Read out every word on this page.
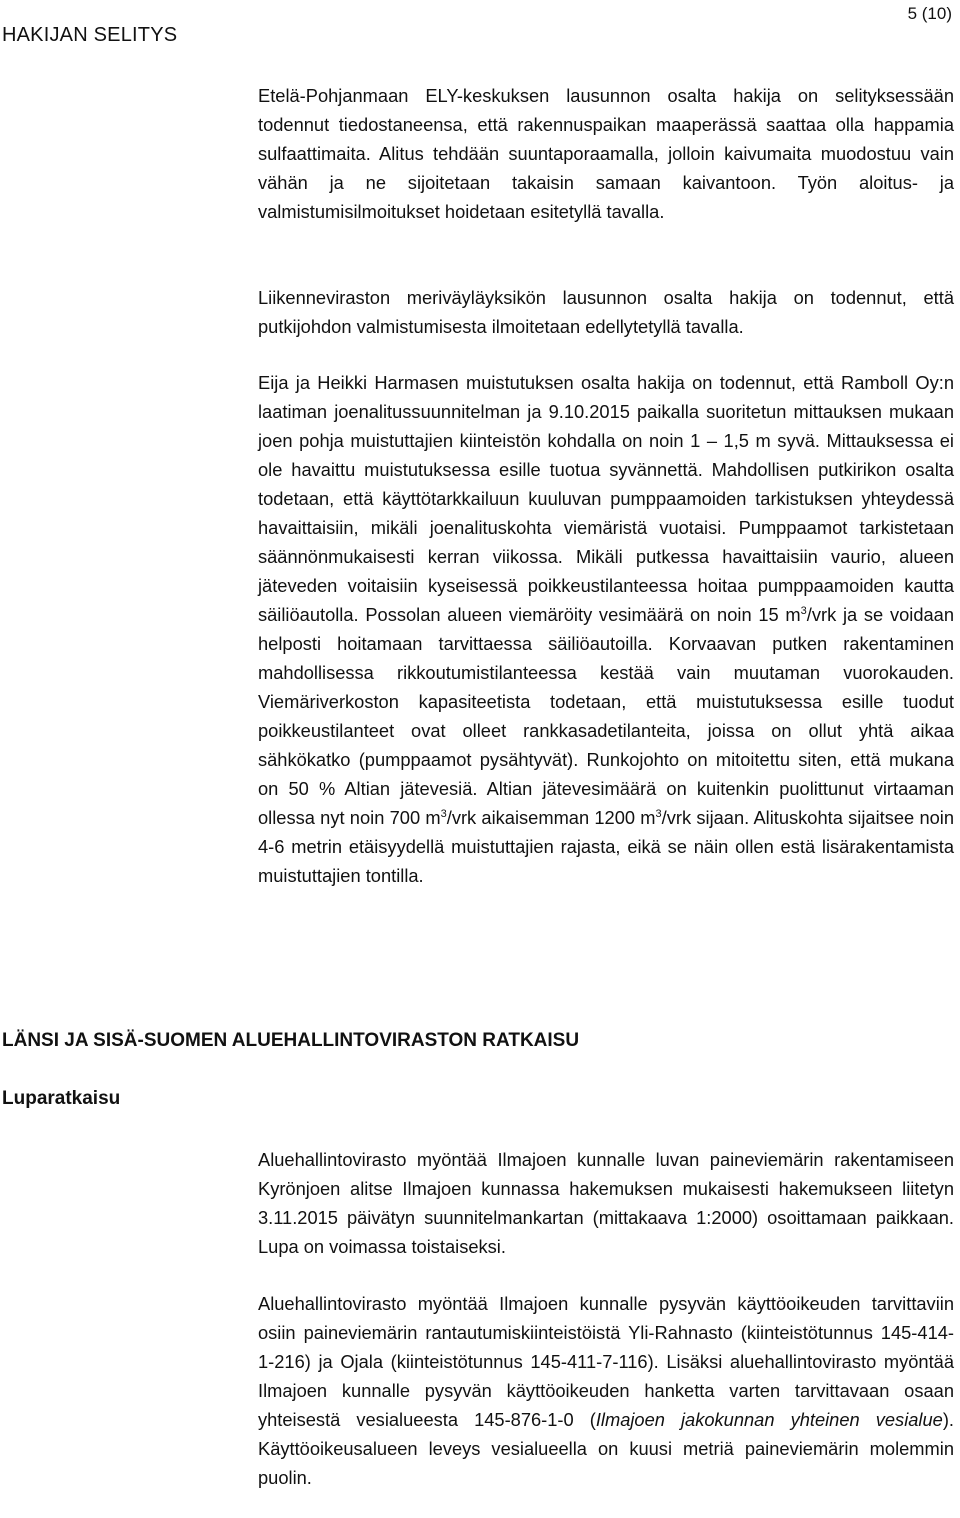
HAKIJAN SELITYS
5 (10)

Etelä-Pohjanmaan ELY-keskuksen lausunnon osalta hakija on selityksessään todennut tiedostaneensa, että rakennuspaikan maaperässä saattaa olla happamia sulfaattimaita. Alitus tehdään suuntaporaamalla, jolloin kaivumaita muodostuu vain vähän ja ne sijoitetaan takaisin samaan kaivantoon. Työn aloitus- ja valmistumisilmoitukset hoidetaan esitetyllä tavalla.

Liikenneviraston meriväyläyksikön lausunnon osalta hakija on todennut, että putkijohdon valmistumisesta ilmoitetaan edellytetyllä tavalla.

Eija ja Heikki Harmasen muistutuksen osalta hakija on todennut, että Ramboll Oy:n laatiman joenalitussuunnitelman ja 9.10.2015 paikalla suoritetun mittauksen mukaan joen pohja muistuttajien kiinteistön kohdalla on noin 1 – 1,5 m syvä. Mittauksessa ei ole havaittu muistutuksessa esille tuotua syvännettä. Mahdollisen putkirikon osalta todetaan, että käyttötarkkailuun kuuluvan pumppaamoiden tarkistuksen yhteydessä havaittaisiin, mikäli joenalituskohta viemäristä vuotaisi. Pumppaamot tarkistetaan säännönmukaisesti kerran viikossa. Mikäli putkessa havaittaisiin vaurio, alueen jäteveden voitaisiin kyseisessä poikkeustilanteessa hoitaa pumppaamoiden kautta säiliöautolla. Possolan alueen viemäröity vesimäärä on noin 15 $m^3$/vrk ja se voidaan helposti hoitamaan tarvittaessa säiliöautoilla. Korvaavan putken rakentaminen mahdollisessa rikkoutumistilanteessa kestää vain muutaman vuorokauden. Viemäriverkoston kapasiteetista todetaan, että muistutuksessa esille tuodut poikkeustilanteet ovat olleet rankkasadetilanteita, joissa on ollut yhtä aikaa sähkökatko (pumppaamot pysähtyvät). Runkojohto on mitoitettu siten, että mukana on 50 % Altian jätevesiä. Altian jätevesimäärä on kuitenkin puolittunut virtaaman ollessa nyt noin 700 $m^3$/vrk aikaisemman 1200 $m^3$/vrk sijaan. Alituskohta sijaitsee noin 4-6 metrin etäisyydellä muistuttajien rajasta, eikä se näin ollen estä lisärakentamista muistuttajien tontilla.

LÄNSI JA SISÄ-SUOMEN ALUEHALLINTOVIRASTON RATKAISU
Luparatkaisu

Aluehallintovirasto myöntää Ilmajoen kunnalle luvan paineviemärin rakentamiseen Kyrönjoen alitse Ilmajoen kunnassa hakemuksen mukaisesti hakemukseen liitetyn 3.11.2015 päivätyn suunnitelmankartan (mittakaava 1:2000) osoittamaan paikkaan. Lupa on voimassa toistaiseksi.

Aluehallintovirasto myöntää Ilmajoen kunnalle pysyvän käyttöoikeuden tarvittaviin osiin paineviemärin rantautumiskiinteistöistä Yli-Rahnasto (kiinteistötunnus 145-414-1-216) ja Ojala (kiinteistötunnus 145-411-7-116). Lisäksi aluehallintovirasto myöntää Ilmajoen kunnalle pysyvän käyttöoikeuden hanketta varten tarvittavaan osaan yhteisestä vesialueesta 145-876-1-0 (Ilmajoen jakokunnan yhteinen vesialue). Käyttöoikeusalueen leveys vesialueella on kuusi metriä paineviemärin molemmin puolin.
